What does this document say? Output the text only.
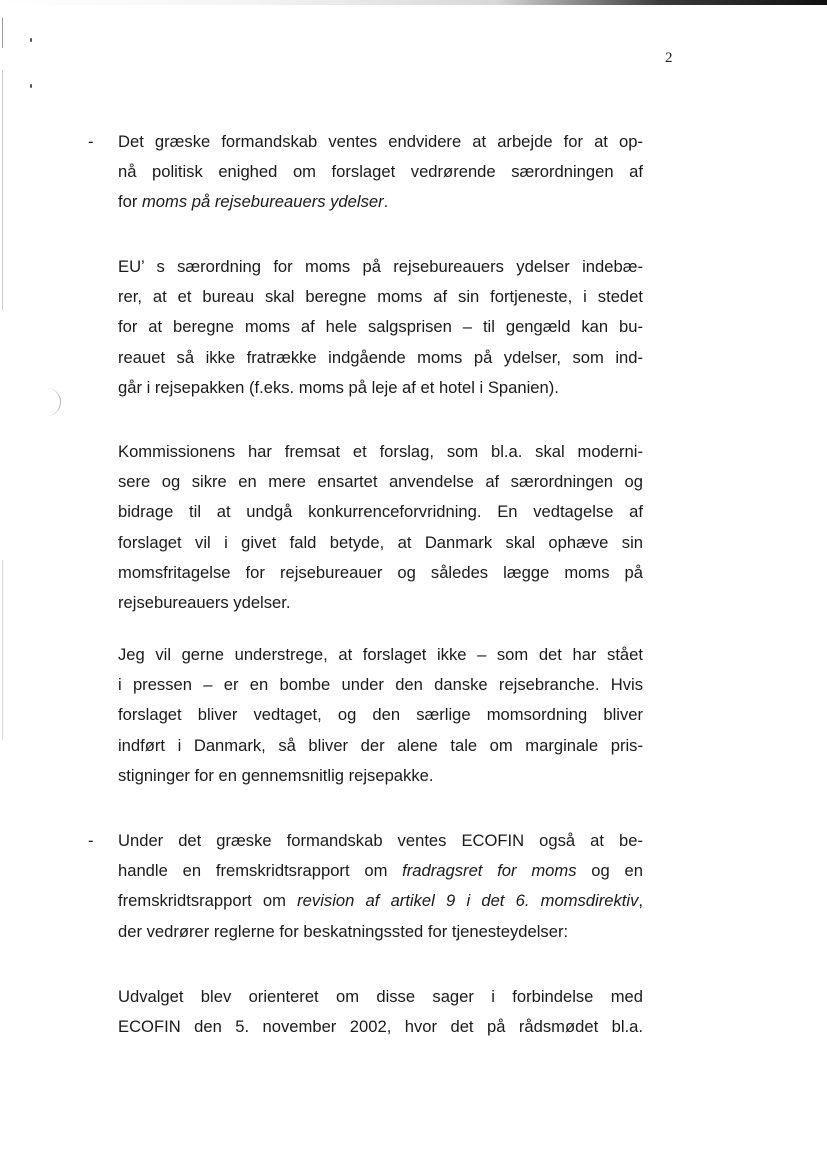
2
- Det græske formandskab ventes endvidere at arbejde for at op-
nå politisk enighed om forslaget vedrørende særordningen af
for moms på rejsebureauers ydelser.
EU’ s særordning for moms på rejsebureauers ydelser indebæ-
rer, at et bureau skal beregne moms af sin fortjeneste, i stedet
for at beregne moms af hele salgsprisen – til gengæld kan bu-
reauet så ikke fratrække indgående moms på ydelser, som ind-
går i rejsepakken (f.eks. moms på leje af et hotel i Spanien).
Kommissionens har fremsat et forslag, som bl.a. skal moderni-
sere og sikre en mere ensartet anvendelse af særordningen og
bidrage til at undgå konkurrenceforvridning. En vedtagelse af
forslaget vil i givet fald betyde, at Danmark skal ophæve sin
momsfritagelse for rejsebureauer og således lægge moms på
rejsebureauers ydelser.
Jeg vil gerne understrege, at forslaget ikke – som det har stået
i pressen – er en bombe under den danske rejsebranche. Hvis
forslaget bliver vedtaget, og den særlige momsordning bliver
indført i Danmark, så bliver der alene tale om marginale pris-
stigninger for en gennemsnitlig rejsepakke.
- Under det græske formandskab ventes ECOFIN også at be-
handle en fremskridtsrapport om fradragsret for moms og en
fremskridtsrapport om revision af artikel 9 i det 6. momsdirektiv,
der vedrører reglerne for beskatningssted for tjenesteydelser:
Udvalget blev orienteret om disse sager i forbindelse med
ECOFIN den 5. november 2002, hvor det på rådsmødet bl.a.
